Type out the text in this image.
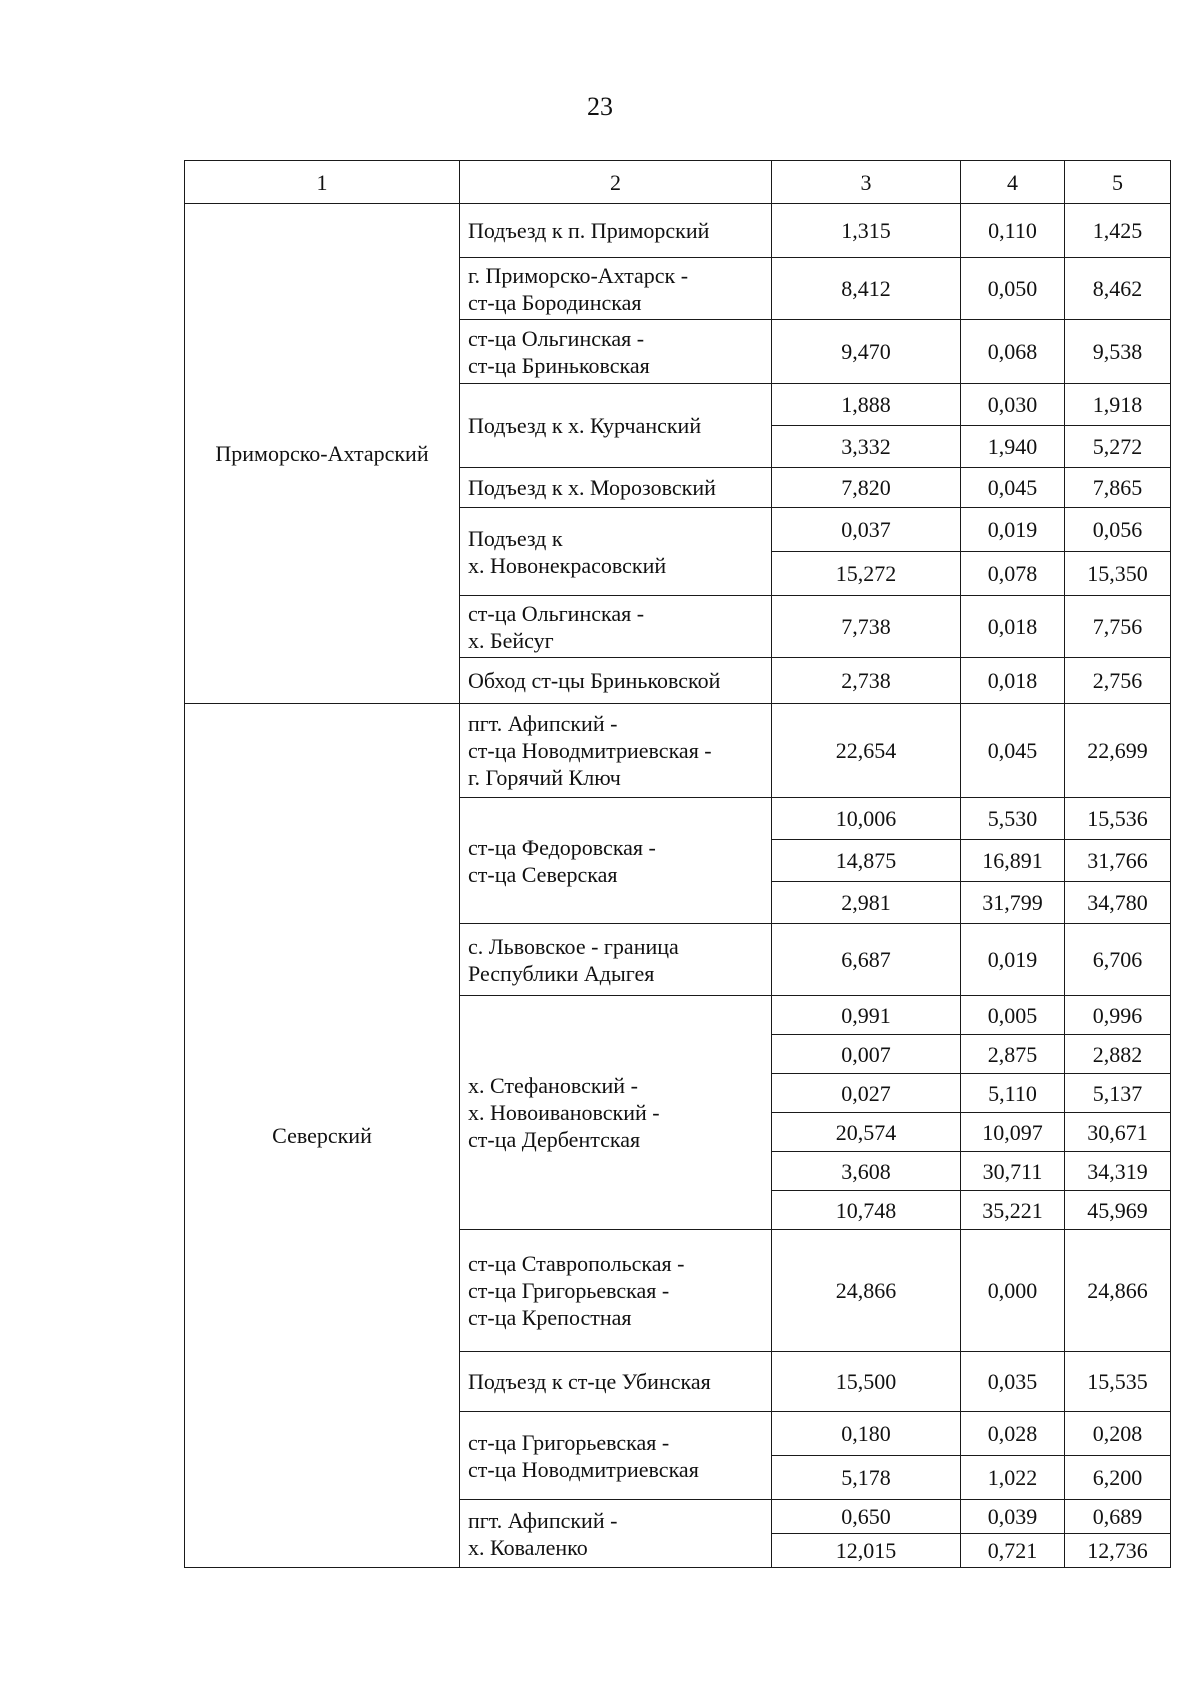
23
1	2	3	4	5
Приморско-Ахтарский	Подъезд к п. Приморский	1,315	0,110	1,425

	г. Приморско-Ахтарск -
ст-ца Бородинская	8,412	0,050	8,462

	ст-ца Ольгинская -
ст-ца Бриньковская	9,470	0,068	9,538

	Подъезд к х. Курчанский	1,888	0,030	1,918
		3,332	1,940	5,272

	Подъезд к х. Морозовский	7,820	0,045	7,865

	Подъезд к
х. Новонекрасовский	0,037	0,019	0,056
		15,272	0,078	15,350

	ст-ца Ольгинская -
х. Бейсуг	7,738	0,018	7,756

	Обход ст-цы Бриньковской	2,738	0,018	2,756
Северский	пгт. Афипский -
ст-ца Новодмитриевская -
г. Горячий Ключ	22,654	0,045	22,699

	ст-ца Федоровская -
ст-ца Северская	10,006	5,530	15,536
		14,875	16,891	31,766
		2,981	31,799	34,780

	с. Львовское - граница
Республики Адыгея	6,687	0,019	6,706

	х. Стефановский -
х. Новоивановский -
ст-ца Дербентская	0,991	0,005	0,996
		0,007	2,875	2,882
		0,027	5,110	5,137
		20,574	10,097	30,671
		3,608	30,711	34,319
		10,748	35,221	45,969

	ст-ца Ставропольская -
ст-ца Григорьевская -
ст-ца Крепостная	24,866	0,000	24,866

	Подъезд к ст-це Убинская	15,500	0,035	15,535

	ст-ца Григорьевская -
ст-ца Новодмитриевская	0,180	0,028	0,208
		5,178	1,022	6,200

	пгт. Афипский -
х. Коваленко	0,650	0,039	0,689
		12,015	0,721	12,736
